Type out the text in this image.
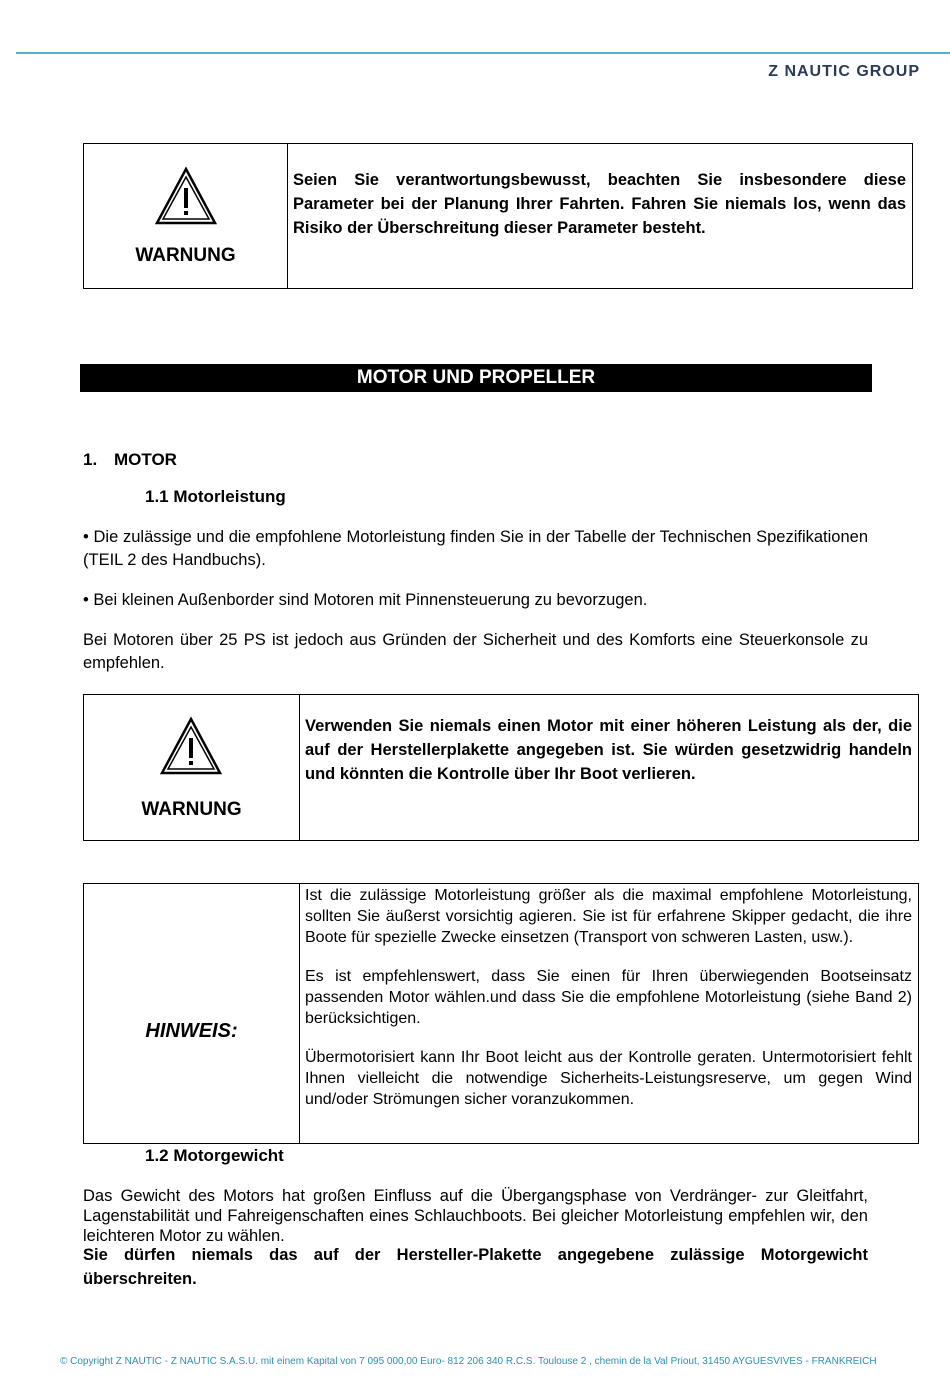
Z NAUTIC GROUP
WARNUNG

Seien Sie verantwortungsbewusst, beachten Sie insbesondere diese Parameter bei der Planung Ihrer Fahrten. Fahren Sie niemals los, wenn das Risiko der Überschreitung dieser Parameter besteht.

MOTOR UND PROPELLER
1. MOTOR
1.1 Motorleistung

• Die zulässige und die empfohlene Motorleistung finden Sie in der Tabelle der Technischen Spezifikationen (TEIL 2 des Handbuchs).

• Bei kleinen Außenborder sind Motoren mit Pinnensteuerung zu bevorzugen.

Bei Motoren über 25 PS ist jedoch aus Gründen der Sicherheit und des Komforts eine Steuerkonsole zu empfehlen.

WARNUNG

Verwenden Sie niemals einen Motor mit einer höheren Leistung als der, die auf der Herstellerplakette angegeben ist. Sie würden gesetzwidrig handeln und könnten die Kontrolle über Ihr Boot verlieren.

HINWEIS:

Ist die zulässige Motorleistung größer als die maximal empfohlene Motorleistung, sollten Sie äußerst vorsichtig agieren. Sie ist für erfahrene Skipper gedacht, die ihre Boote für spezielle Zwecke einsetzen (Transport von schweren Lasten, usw.).

Es ist empfehlenswert, dass Sie einen für Ihren überwiegenden Bootseinsatz passenden Motor wählen.und dass Sie die empfohlene Motorleistung (siehe Band 2) berücksichtigen.

Übermotorisiert kann Ihr Boot leicht aus der Kontrolle geraten. Untermotorisiert fehlt Ihnen vielleicht die notwendige Sicherheits-Leistungsreserve, um gegen Wind und/oder Strömungen sicher voranzukommen.

1.2 Motorgewicht

Das Gewicht des Motors hat großen Einfluss auf die Übergangsphase von Verdränger- zur Gleitfahrt, Lagenstabilität und Fahreigenschaften eines Schlauchboots. Bei gleicher Motorleistung empfehlen wir, den leichteren Motor zu wählen.

Sie dürfen niemals das auf der Hersteller-Plakette angegebene zulässige Motorgewicht überschreiten.

© Copyright Z NAUTIC - Z NAUTIC S.A.S.U. mit einem Kapital von 7 095 000,00 Euro- 812 206 340 R.C.S. Toulouse 2 , chemin de la Val Priout, 31450 AYGUESVIVES - FRANKREICH
